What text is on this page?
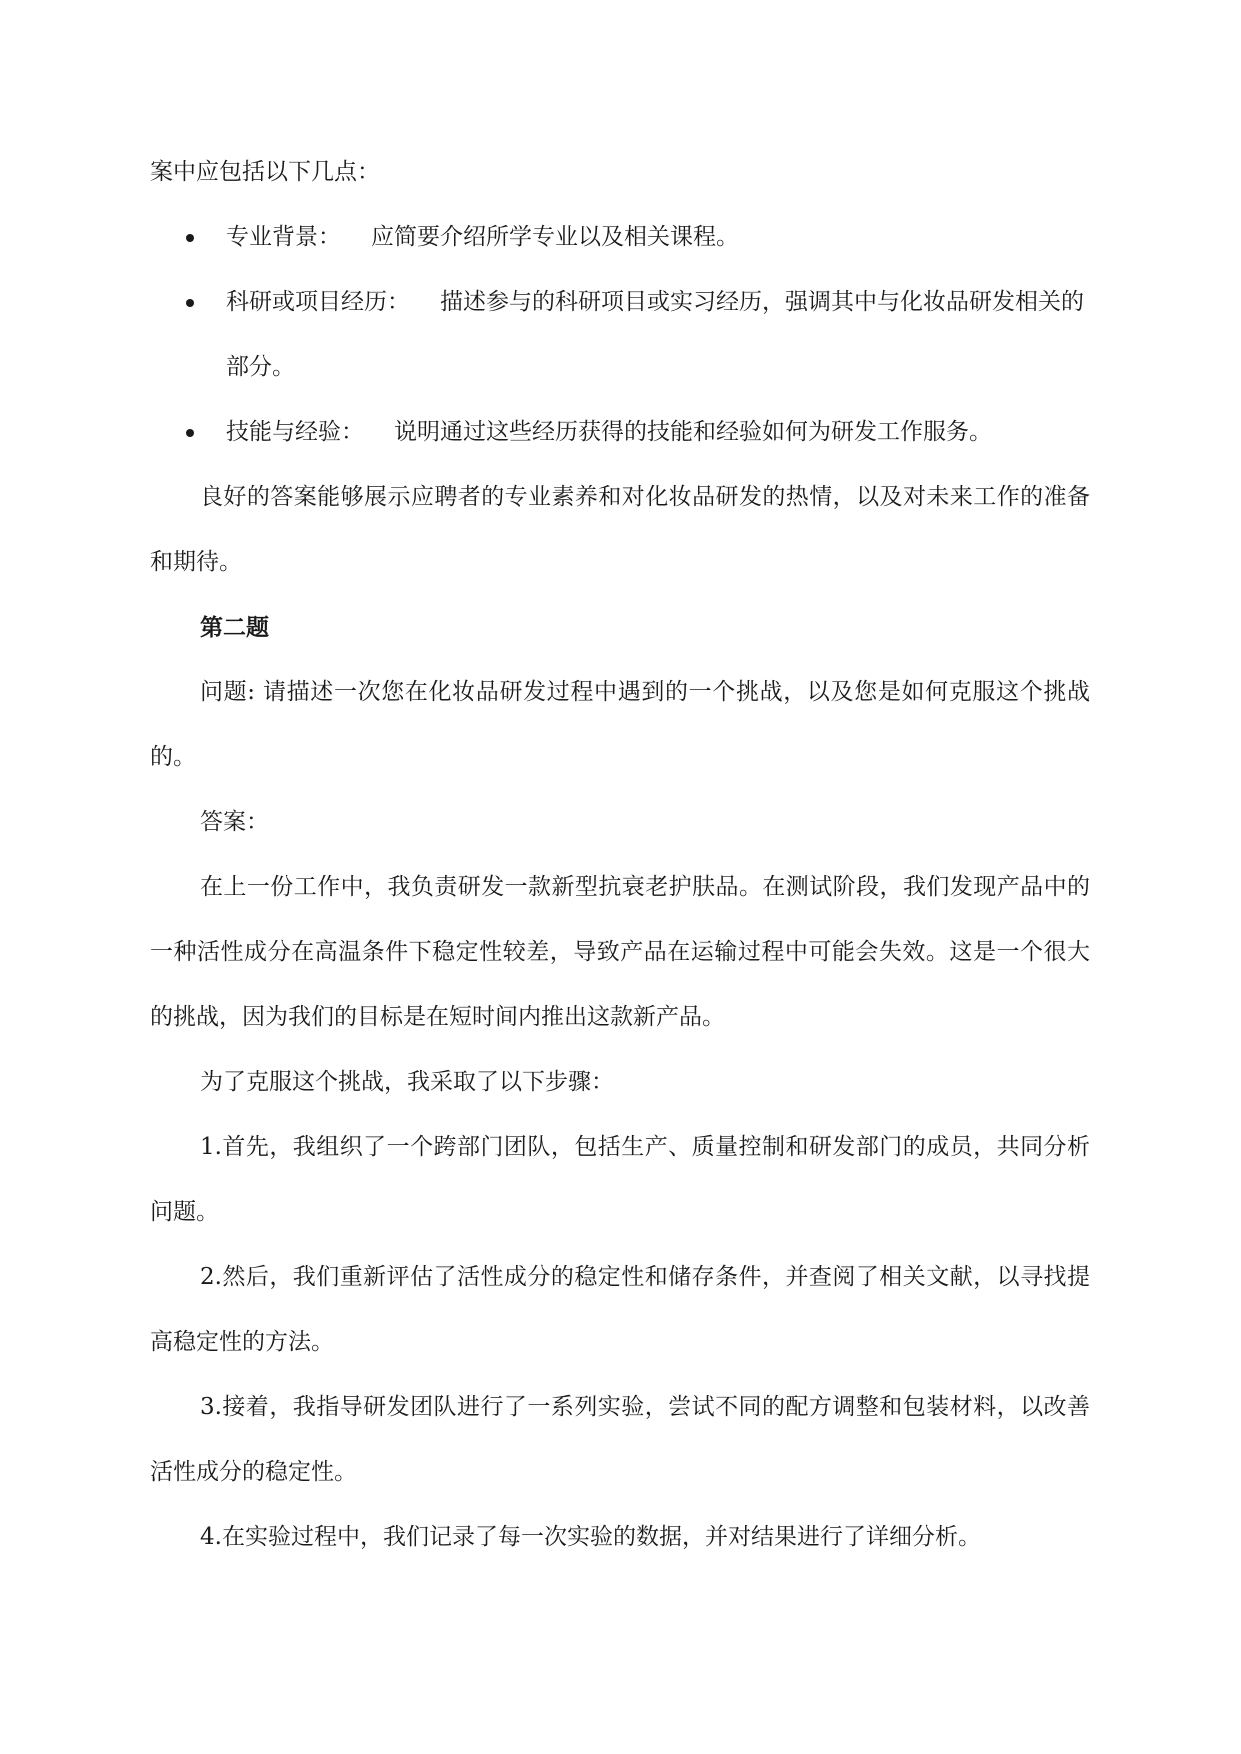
案中应包括以下几点：

专业背景： 应简要介绍所学专业以及相关课程。
科研或项目经历： 描述参与的科研项目或实习经历，强调其中与化妆品研发相关的部分。
技能与经验： 说明通过这些经历获得的技能和经验如何为研发工作服务。

良好的答案能够展示应聘者的专业素养和对化妆品研发的热情，以及对未来工作的准备和期待。

第二题

问题: 请描述一次您在化妆品研发过程中遇到的一个挑战，以及您是如何克服这个挑战的。

答案：

在上一份工作中，我负责研发一款新型抗衰老护肤品。在测试阶段，我们发现产品中的一种活性成分在高温条件下稳定性较差，导致产品在运输过程中可能会失效。这是一个很大的挑战，因为我们的目标是在短时间内推出这款新产品。

为了克服这个挑战，我采取了以下步骤：

1.首先，我组织了一个跨部门团队，包括生产、质量控制和研发部门的成员，共同分析问题。

2.然后，我们重新评估了活性成分的稳定性和储存条件，并查阅了相关文献，以寻找提高稳定性的方法。

3.接着，我指导研发团队进行了一系列实验，尝试不同的配方调整和包装材料，以改善活性成分的稳定性。

4.在实验过程中，我们记录了每一次实验的数据，并对结果进行了详细分析。
